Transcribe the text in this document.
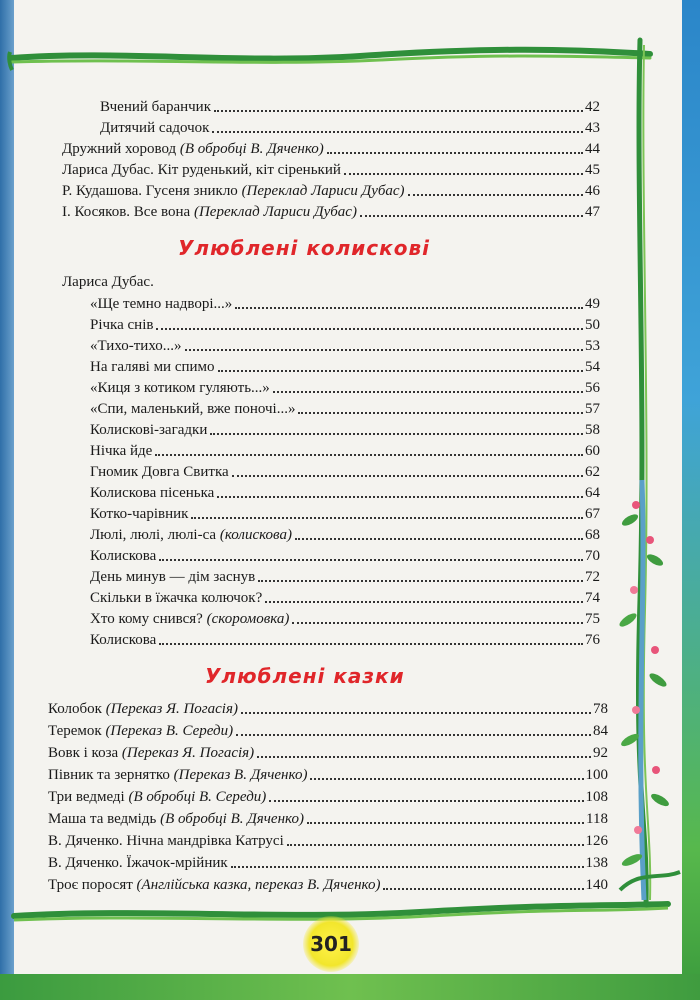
Вчений баранчик	42
Дитячий садочок	43
Дружний хоровод (В обробці В. Дяченко)	44
Лариса Дубас. Кіт руденький, кіт сіренький	45
Р. Кудашова. Гусеня зникло (Переклад Лариси Дубас)	46
І. Косяков. Все вона (Переклад Лариси Дубас)	47
Улюблені колискові
Лариса Дубас.
«Ще темно надворі...»	49
Річка снів	50
«Тихо-тихо...»	53
На галяві ми спимо	54
«Киця з котиком гуляють...»	56
«Спи, маленький, вже поночі...»	57
Колискові-загадки	58
Нічка йде	60
Гномик Довга Свитка	62
Колискова пісенька	64
Котко-чарівник	67
Люлі, люлі, люлі-са (колискова)	68
Колискова	70
День минув — дім заснув	72
Скільки в їжачка колючок?	74
Хто кому снився? (скоромовка)	75
Колискова	76
Улюблені казки
Колобок (Переказ Я. Погасія)	78
Теремок (Переказ В. Середи)	84
Вовк і коза (Переказ Я. Погасія)	92
Півник та зернятко (Переказ В. Дяченко)	100
Три ведмеді (В обробці В. Середи)	108
Маша та ведмідь (В обробці В. Дяченко)	118
В. Дяченко. Нічна мандрівка Катрусі	126
В. Дяченко. Їжачок-мрійник	138
Троє поросят (Англійська казка, переказ В. Дяченко)	140
301
